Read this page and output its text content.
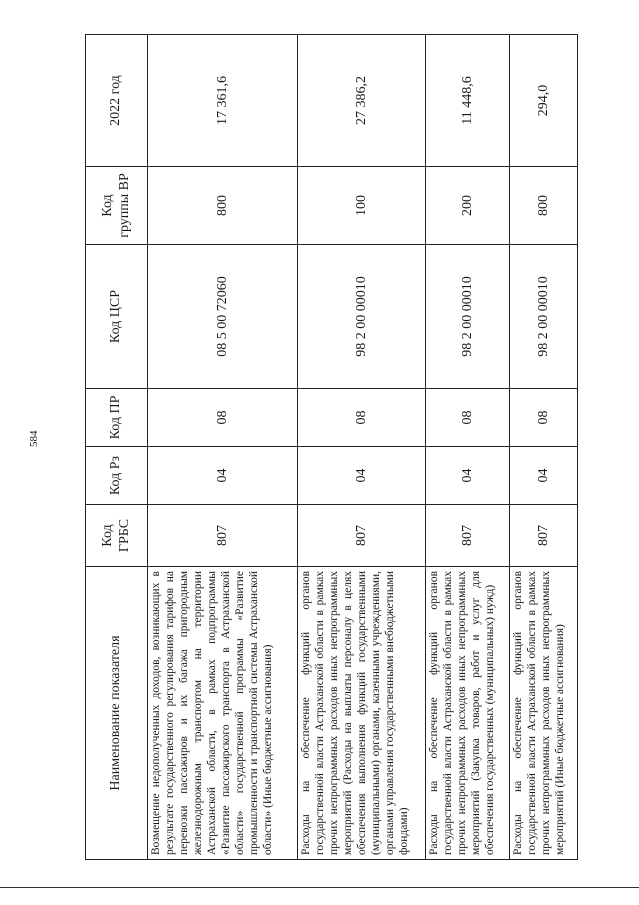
584
Наименование показателя	Код ГРБС	Код Рз	Код ПР	Код ЦСР	Код группы ВР	2022 год
Возмещение недополученных доходов, возникающих в результате государственного регулирования тарифов на перевозки пассажиров и их багажа пригородным железнодорожным транспортом на территории Астраханской области, в рамках подпрограммы «Развитие пассажирского транспорта в Астраханской области» государственной программы «Развитие промышленности и транспортной системы Астраханской области» (Иные бюджетные ассигнования)	807	04	08	08 5 00 72060	800	17 361,6
Расходы на обеспечение функций органов государственной власти Астраханской области в рамках прочих непрограммных расходов иных непрограммных мероприятий (Расходы на выплаты персоналу в целях обеспечения выполнения функций государственными (муниципальными) органами, казенными учреждениями, органами управления государственными внебюджетными фондами)	807	04	08	98 2 00 00010	100	27 386,2
Расходы на обеспечение функций органов государственной власти Астраханской области в рамках прочих непрограммных расходов иных непрограммных мероприятий (Закупка товаров, работ и услуг для обеспечения государственных (муниципальных) нужд)	807	04	08	98 2 00 00010	200	11 448,6
Расходы на обеспечение функций органов государственной власти Астраханской области в рамках прочих непрограммных расходов иных непрограммных мероприятий (Иные бюджетные ассигнования)	807	04	08	98 2 00 00010	800	294,0
